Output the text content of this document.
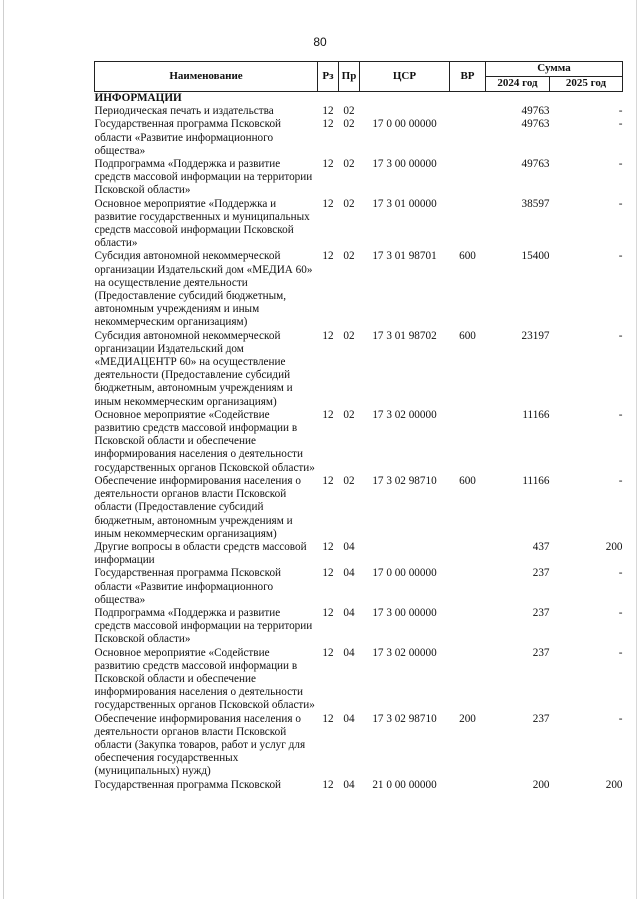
80
Наименование	Рз	Пр	ЦСР	ВР	Сумма	
					2024 год	2025 год
ИНФОРМАЦИИ						
Периодическая печать и издательства	12	02			49763	-
Государственная программа Псковской области «Развитие информационного общества»	12	02	17 0 00 00000		49763	-
Подпрограмма «Поддержка и развитие средств массовой информации на территории Псковской области»	12	02	17 3 00 00000		49763	-
Основное мероприятие «Поддержка и развитие государственных и муниципальных средств массовой информации Псковской области»	12	02	17 3 01 00000		38597	-
Субсидия автономной некоммерческой организации Издательский дом «МЕДИА 60» на осуществление деятельности (Предоставление субсидий бюджетным, автономным учреждениям и иным некоммерческим организациям)	12	02	17 3 01 98701	600	15400	-
Субсидия автономной некоммерческой организации Издательский дом «МЕДИАЦЕНТР 60» на осуществление деятельности (Предоставление субсидий бюджетным, автономным учреждениям и иным некоммерческим организациям)	12	02	17 3 01 98702	600	23197	-
Основное мероприятие «Содействие развитию средств массовой информации в Псковской области и обеспечение информирования населения о деятельности государственных органов Псковской области»	12	02	17 3 02 00000		11166	-
Обеспечение информирования населения о деятельности органов власти Псковской области (Предоставление субсидий бюджетным, автономным учреждениям и иным некоммерческим организациям)	12	02	17 3 02 98710	600	11166	-
Другие вопросы в области средств массовой информации	12	04			437	200
Государственная программа Псковской области «Развитие информационного общества»	12	04	17 0 00 00000		237	-
Подпрограмма «Поддержка и развитие средств массовой информации на территории Псковской области»	12	04	17 3 00 00000		237	-
Основное мероприятие «Содействие развитию средств массовой информации в Псковской области и обеспечение информирования населения о деятельности государственных органов Псковской области»	12	04	17 3 02 00000		237	-
Обеспечение информирования населения о деятельности органов власти Псковской области (Закупка товаров, работ и услуг для обеспечения государственных (муниципальных) нужд)	12	04	17 3 02 98710	200	237	-
Государственная программа Псковской	12	04	21 0 00 00000		200	200
